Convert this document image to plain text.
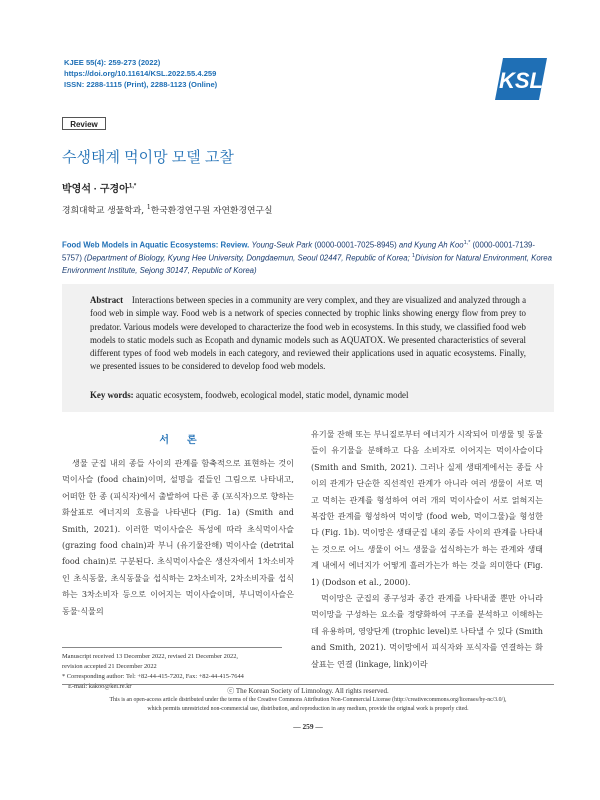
KJEE 55(4): 259-273 (2022)
https://doi.org/10.11614/KSL.2022.55.4.259
ISSN: 2288-1115 (Print), 2288-1123 (Online)	KSL
Review
수생태계 먹이망 모델 고찰
박영석 · 구경아$^{1,*}$
경희대학교 생물학과, $^1$한국환경연구원 자연환경연구실
Food Web Models in Aquatic Ecosystems: Review. Young-Seuk Park (0000-0001-7025-8945) and Kyung Ah Koo$^{1,*}$ (0000-0001-7139-5757) (Department of Biology, Kyung Hee University, Dongdaemun, Seoul 02447, Republic of Korea; $^1$Division for Natural Environment, Korea Environment Institute, Sejong 30147, Republic of Korea)
Abstract Interactions between species in a community are very complex, and they are visualized and analyzed through a food web in simple way. Food web is a network of species connected by trophic links showing energy flow from prey to predator. Various models were developed to characterize the food web in ecosystems. In this study, we classified food web models to static models such as Ecopath and dynamic models such as AQUATOX. We presented characteristics of several different types of food web models in each category, and reviewed their applications used in aquatic ecosystems. Finally, we presented issues to be considered to develop food web models.
Key words: aquatic ecosystem, foodweb, ecological model, static model, dynamic model
서론

생물 군집 내의 종들 사이의 관계를 함축적으로 표현하는 것이 먹이사슬 (food chain)이며, 설명을 곁들인 그림으로 나타내고, 어떠한 한 종 (피식자)에서 출발하여 다른 종 (포식자)으로 향하는 화살표로 에너지의 흐름을 나타낸다 (Fig. 1a) (Smith and Smith, 2021). 이러한 먹이사슬은 특성에 따라 초식먹이사슬 (grazing food chain)과 부니 (유기물잔해) 먹이사슬 (detrital food chain)로 구분된다. 초식먹이사슬은 생산자에서 1차소비자인 초식동물, 초식동물을 섭식하는 2차소비자, 2차소비자를 섭식하는 3차소비자 등으로 이어지는 먹이사슬이며, 부니먹이사슬은 동물·식물의

유기물 잔해 또는 부니질로부터 에너지가 시작되어 미생물 및 동물들이 유기물을 분해하고 다음 소비자로 이어지는 먹이사슬이다 (Smith and Smith, 2021). 그러나 실제 생태계에서는 종들 사이의 관계가 단순한 직선적인 관계가 아니라 여러 생물이 서로 먹고 먹히는 관계를 형성하여 여러 개의 먹이사슬이 서로 얽혀지는 복잡한 관계를 형성하여 먹이망 (food web, 먹이그물)을 형성한다 (Fig. 1b). 먹이망은 생태군집 내의 종들 사이의 관계를 나타내는 것으로 어느 생물이 어느 생물을 섭식하는가 하는 관계와 생태계 내에서 에너지가 어떻게 흘러가는가 하는 것을 의미한다 (Fig. 1) (Dodson et al., 2000).

먹이망은 군집의 종구성과 종간 관계를 나타내줄 뿐만 아니라 먹이망을 구성하는 요소를 정량화하여 구조를 분석하고 이해하는 데 유용하며, 영양단계 (trophic level)로 나타낼 수 있다 (Smith and Smith, 2021). 먹이망에서 피식자와 포식자를 연결하는 화살표는 연결 (linkage, link)이라

Manuscript received 13 December 2022, revised 21 December 2022,
revision accepted 21 December 2022
* Corresponding author: Tel: +82-44-415-7202, Fax: +82-44-415-7644
E-mail: kakoo@kei.re.kr
ⓒ The Korean Society of Limnology. All rights reserved.
This is an open-access article distributed under the terms of the Creative Commons Attribution Non-Commercial License (http://creativecommons.org/licenses/by-nc/3.0/),
which permits unrestricted non-commercial use, distribution, and reproduction in any medium, provide the original work is properly cited.
— 259 —
